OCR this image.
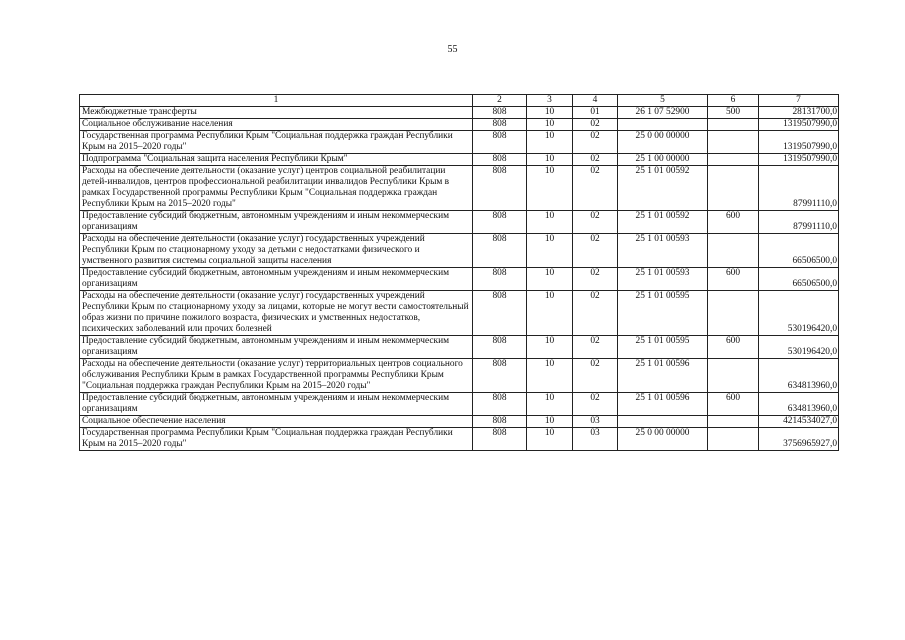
55
1	2	3	4	5	6	7
Межбюджетные трансферты	808	10	01	26 1 07 52900	500	28131700,0
Социальное обслуживание населения	808	10	02			1319507990,0
Государственная программа Республики Крым "Социальная поддержка граждан Республики Крым на 2015–2020 годы"	808	10	02	25 0 00 00000		1319507990,0
Подпрограмма "Социальная защита населения Республики Крым"	808	10	02	25 1 00 00000		1319507990,0
Расходы на обеспечение деятельности (оказание услуг) центров социальной реабилитации детей-инвалидов, центров профессиональной реабилитации инвалидов Республики Крым в рамках Государственной программы Республики Крым "Социальная поддержка граждан Республики Крым на 2015–2020 годы"	808	10	02	25 1 01 00592		87991110,0
Предоставление субсидий бюджетным, автономным учреждениям и иным некоммерческим организациям	808	10	02	25 1 01 00592	600	87991110,0
Расходы на обеспечение деятельности (оказание услуг) государственных учреждений Республики Крым по стационарному уходу за детьми с недостатками физического и умственного развития системы социальной защиты населения	808	10	02	25 1 01 00593		66506500,0
Предоставление субсидий бюджетным, автономным учреждениям и иным некоммерческим организациям	808	10	02	25 1 01 00593	600	66506500,0
Расходы на обеспечение деятельности (оказание услуг) государственных учреждений Республики Крым по стационарному уходу за лицами, которые не могут вести самостоятельный образ жизни по причине пожилого возраста, физических и умственных недостатков, психических заболеваний или прочих болезней	808	10	02	25 1 01 00595		530196420,0
Предоставление субсидий бюджетным, автономным учреждениям и иным некоммерческим организациям	808	10	02	25 1 01 00595	600	530196420,0
Расходы на обеспечение деятельности (оказание услуг) территориальных центров социального обслуживания Республики Крым в рамках Государственной программы Республики Крым "Социальная поддержка граждан Республики Крым на 2015–2020 годы"	808	10	02	25 1 01 00596		634813960,0
Предоставление субсидий бюджетным, автономным учреждениям и иным некоммерческим организациям	808	10	02	25 1 01 00596	600	634813960,0
Социальное обеспечение населения	808	10	03			4214534027,0
Государственная программа Республики Крым "Социальная поддержка граждан Республики Крым на 2015–2020 годы"	808	10	03	25 0 00 00000		3756965927,0
